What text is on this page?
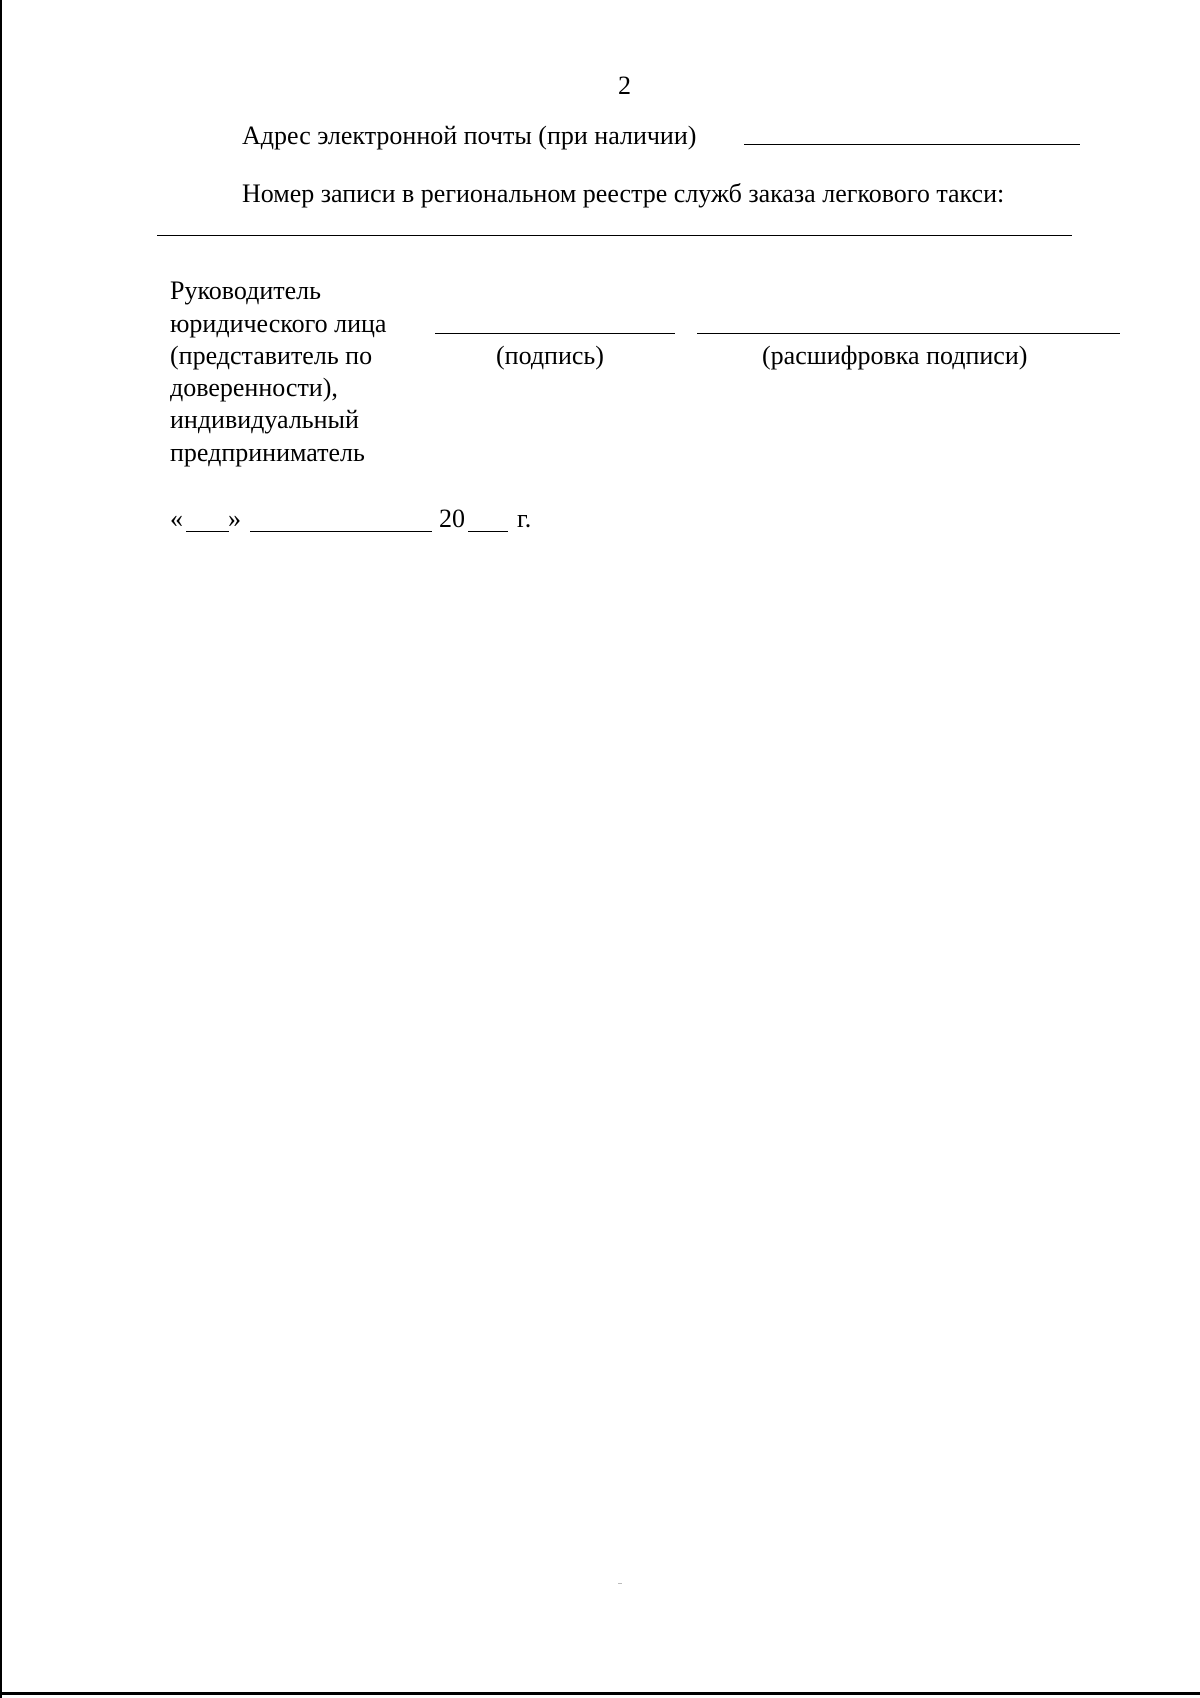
2
Адрес электронной почты (при наличии)
Номер записи в региональном реестре служб заказа легкового такси:
Руководитель
юридического лица
(представитель по
доверенности),
индивидуальный
предприниматель
(подпись)	(расшифровка подписи)
« »	20 г.
